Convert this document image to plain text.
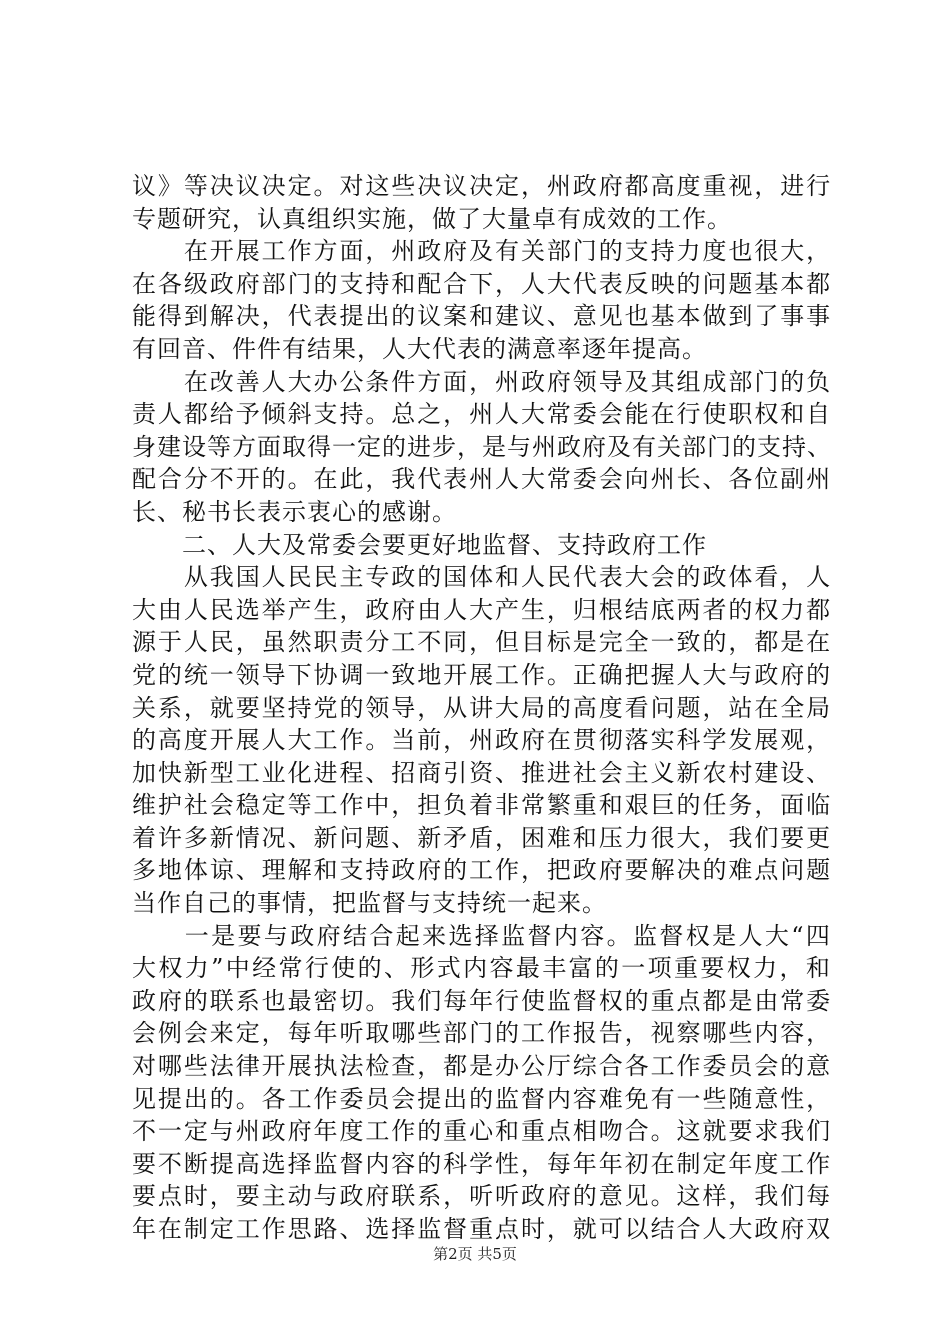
议》等决议决定。对这些决议决定，州政府都高度重视，进行
专题研究，认真组织实施，做了大量卓有成效的工作。
　　在开展工作方面，州政府及有关部门的支持力度也很大，
在各级政府部门的支持和配合下，人大代表反映的问题基本都
能得到解决，代表提出的议案和建议、意见也基本做到了事事
有回音、件件有结果，人大代表的满意率逐年提高。
　　在改善人大办公条件方面，州政府领导及其组成部门的负
责人都给予倾斜支持。总之，州人大常委会能在行使职权和自
身建设等方面取得一定的进步，是与州政府及有关部门的支持、
配合分不开的。在此，我代表州人大常委会向州长、各位副州
长、秘书长表示衷心的感谢。
　　二、人大及常委会要更好地监督、支持政府工作
　　从我国人民民主专政的国体和人民代表大会的政体看，人
大由人民选举产生，政府由人大产生，归根结底两者的权力都
源于人民，虽然职责分工不同，但目标是完全一致的，都是在
党的统一领导下协调一致地开展工作。正确把握人大与政府的
关系，就要坚持党的领导，从讲大局的高度看问题，站在全局
的高度开展人大工作。当前，州政府在贯彻落实科学发展观，
加快新型工业化进程、招商引资、推进社会主义新农村建设、
维护社会稳定等工作中，担负着非常繁重和艰巨的任务，面临
着许多新情况、新问题、新矛盾，困难和压力很大，我们要更
多地体谅、理解和支持政府的工作，把政府要解决的难点问题
当作自己的事情，把监督与支持统一起来。
　　一是要与政府结合起来选择监督内容。监督权是人大“四
大权力”中经常行使的、形式内容最丰富的一项重要权力，和
政府的联系也最密切。我们每年行使监督权的重点都是由常委
会例会来定，每年听取哪些部门的工作报告，视察哪些内容，
对哪些法律开展执法检查，都是办公厅综合各工作委员会的意
见提出的。各工作委员会提出的监督内容难免有一些随意性，
不一定与州政府年度工作的重心和重点相吻合。这就要求我们
要不断提高选择监督内容的科学性，每年年初在制定年度工作
要点时，要主动与政府联系，听听政府的意见。这样，我们每
年在制定工作思路、选择监督重点时，就可以结合人大政府双
第2页 共5页
